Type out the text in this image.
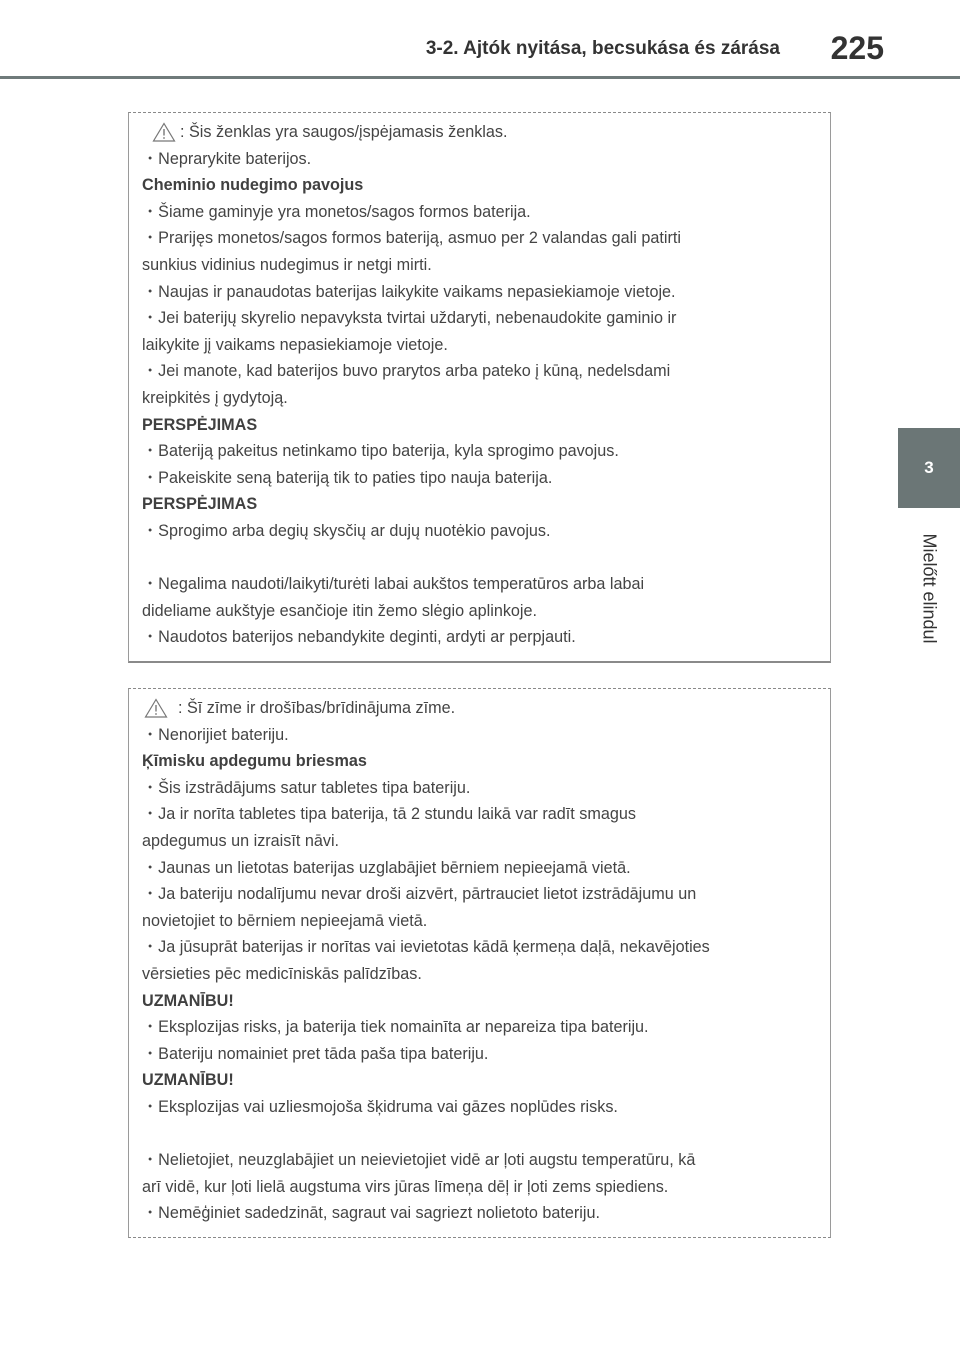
3-2. Ajtók nyitása, becsukása és zárása 225
3
Mielőtt elindul
: Šis ženklas yra saugos/įspėjamasis ženklas.
・Neprarykite baterijos.
Cheminio nudegimo pavojus
・Šiame gaminyje yra monetos/sagos formos baterija.
・Prarijęs monetos/sagos formos bateriją, asmuo per 2 valandas gali patirti
sunkius vidinius nudegimus ir netgi mirti.
・Naujas ir panaudotas baterijas laikykite vaikams nepasiekiamoje vietoje.
・Jei baterijų skyrelio nepavyksta tvirtai uždaryti, nebenaudokite gaminio ir
laikykite jį vaikams nepasiekiamoje vietoje.
・Jei manote, kad baterijos buvo prarytos arba pateko į kūną, nedelsdami
kreipkitės į gydytoją.
PERSPĖJIMAS
・Bateriją pakeitus netinkamo tipo baterija, kyla sprogimo pavojus.
・Pakeiskite seną bateriją tik to paties tipo nauja baterija.
PERSPĖJIMAS
・Sprogimo arba degių skysčių ar dujų nuotėkio pavojus.
・Negalima naudoti/laikyti/turėti labai aukštos temperatūros arba labai
dideliame aukštyje esančioje itin žemo slėgio aplinkoje.
・Naudotos baterijos nebandykite deginti, ardyti ar perpjauti.
: Šī zīme ir drošības/brīdinājuma zīme.
・Nenorijiet bateriju.
Ķīmisku apdegumu briesmas
・Šis izstrādājums satur tabletes tipa bateriju.
・Ja ir norīta tabletes tipa baterija, tā 2 stundu laikā var radīt smagus
apdegumus un izraisīt nāvi.
・Jaunas un lietotas baterijas uzglabājiet bērniem nepieejamā vietā.
・Ja bateriju nodalījumu nevar droši aizvērt, pārtrauciet lietot izstrādājumu un
novietojiet to bērniem nepieejamā vietā.
・Ja jūsuprāt baterijas ir norītas vai ievietotas kādā ķermeņa daļā, nekavējoties
vērsieties pēc medicīniskās palīdzības.
UZMANĪBU!
・Eksplozijas risks, ja baterija tiek nomainīta ar nepareiza tipa bateriju.
・Bateriju nomainiet pret tāda paša tipa bateriju.
UZMANĪBU!
・Eksplozijas vai uzliesmojoša šķidruma vai gāzes noplūdes risks.
・Nelietojiet, neuzglabājiet un neievietojiet vidē ar ļoti augstu temperatūru, kā
arī vidē, kur ļoti lielā augstuma virs jūras līmeņa dēļ ir ļoti zems spiediens.
・Nemēģiniet sadedzināt, sagraut vai sagriezt nolietoto bateriju.
